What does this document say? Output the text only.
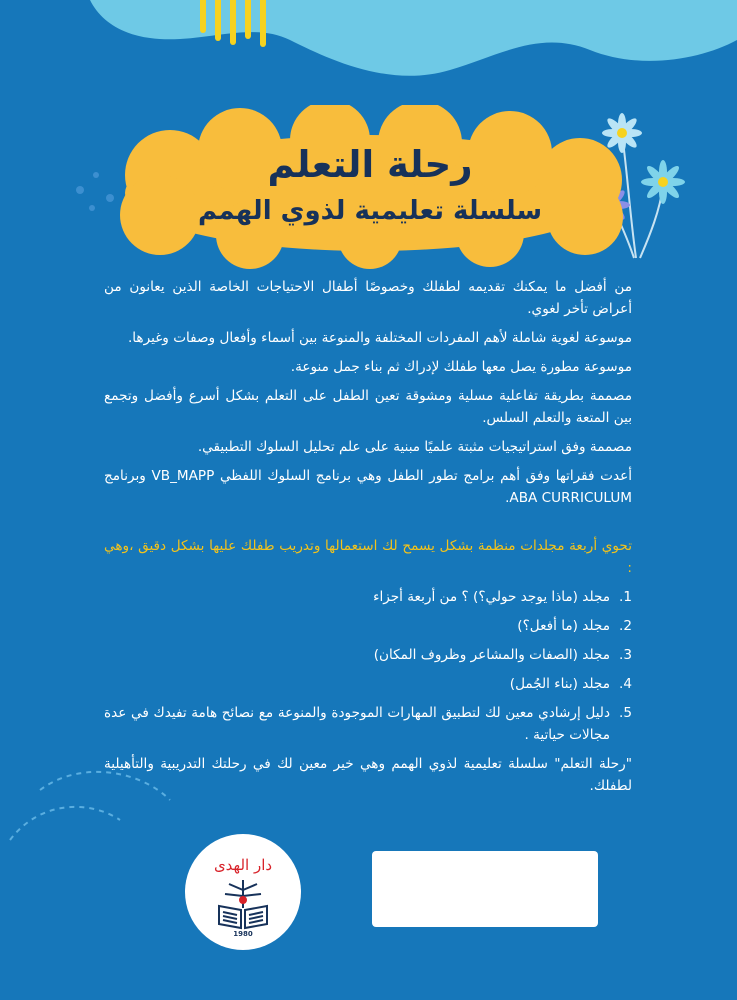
رحلة التعلم
سلسلة تعليمية لذوي الهمم

من أفضل ما يمكنك تقديمه لطفلك وخصوصًا أطفال الاحتياجات الخاصة الذين يعانون من أعراض تأخر لغوي.

موسوعة لغوية شاملة لأهم المفردات المختلفة والمنوعة بين أسماء وأفعال وصفات وغيرها.

موسوعة مطورة يصل معها طفلك لإدراك ثم بناء جمل منوعة.

مصممة بطريقة تفاعلية مسلية ومشوقة تعين الطفل على التعلم بشكل أسرع وأفضل وتجمع بين المتعة والتعلم السلس.

مصممة وفق استراتيجيات مثبتة علميًا مبنية على علم تحليل السلوك التطبيقي.

أعدت فقراتها وفق أهم برامج تطور الطفل وهي برنامج السلوك اللفظي VB_MAPP وبرنامج ABA CURRICULUM.

تحوي أربعة مجلدات منظمة بشكل يسمح لك استعمالها وتدريب طفلك عليها بشكل دقيق ،وهي :

1.
مجلد (ماذا يوجد حولي؟) ؟ من أربعة أجزاء

2.
مجلد (ما أفعل؟)

3.
مجلد (الصفات والمشاعر وظروف المكان)

4.
مجلد (بناء الجُمل)

5.
دليل إرشادي معين لك لتطبيق المهارات الموجودة والمنوعة مع نصائح هامة تفيدك في عدة مجالات حياتية .

"رحلة التعلم" سلسلة تعليمية لذوي الهمم وهي خير معين لك في رحلتك التدريبية والتأهيلية لطفلك.

دار الهدى
1980
